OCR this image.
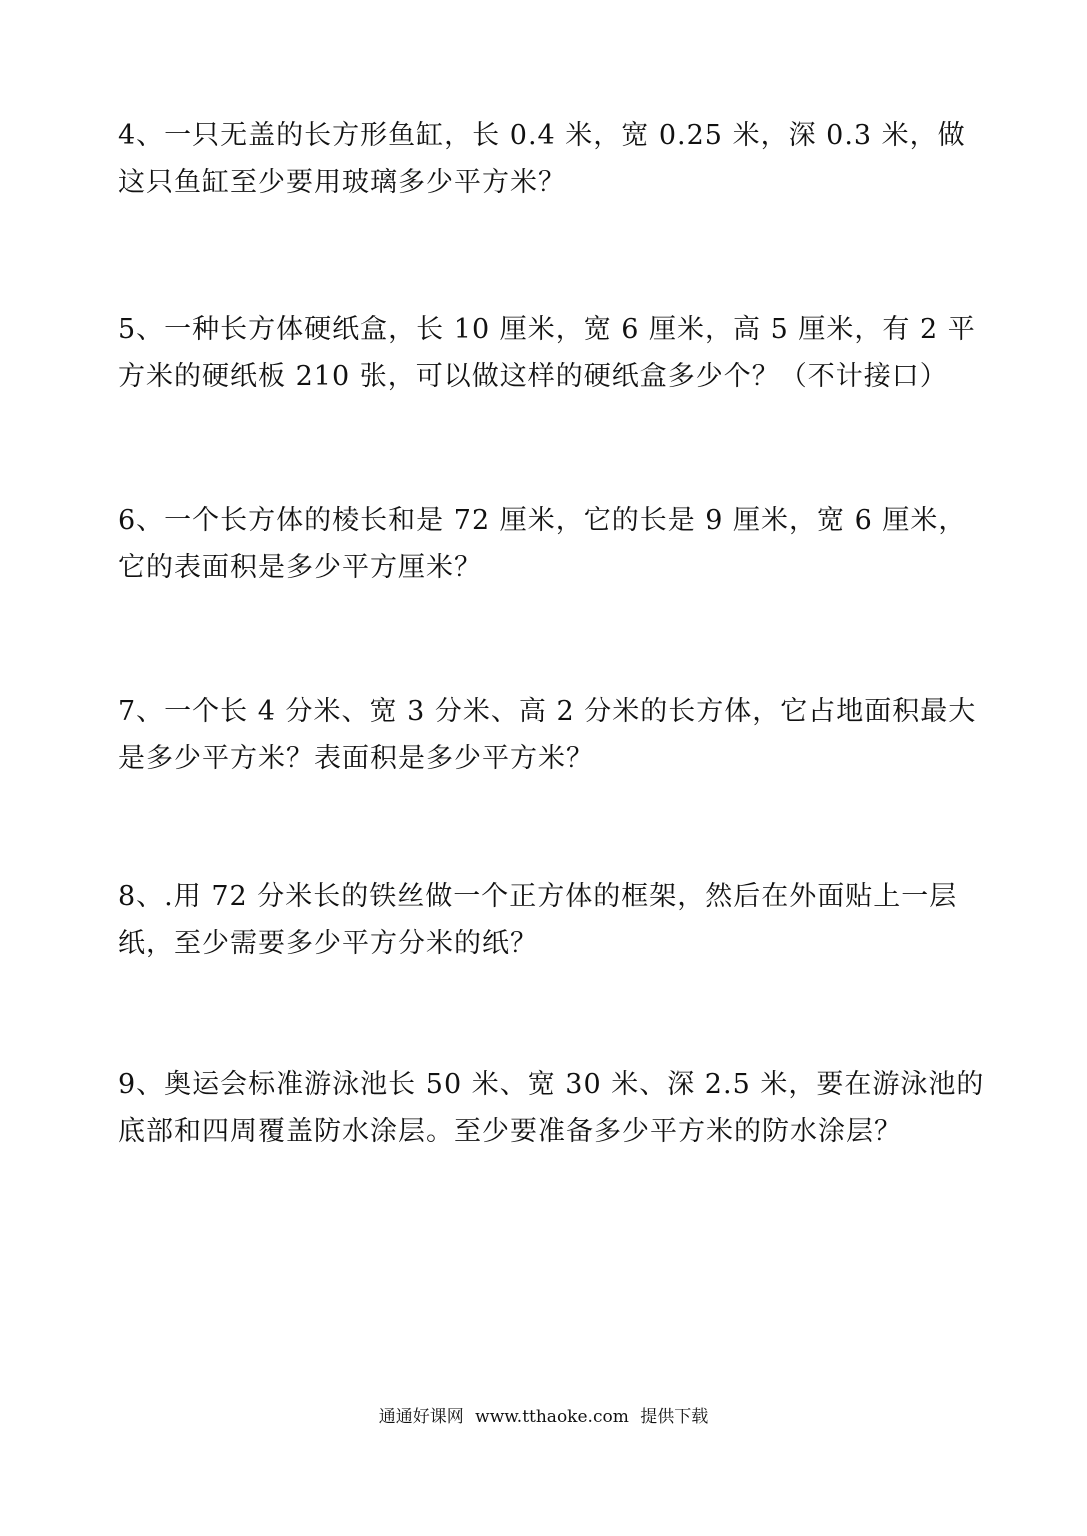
4、一只无盖的长方形鱼缸，长 0.4 米，宽 0.25 米，深 0.3 米，做
这只鱼缸至少要用玻璃多少平方米？
5、一种长方体硬纸盒，长 10 厘米，宽 6 厘米，高 5 厘米，有 2 平
方米的硬纸板 210 张，可以做这样的硬纸盒多少个？（不计接口）
6、一个长方体的棱长和是 72 厘米，它的长是 9 厘米，宽 6 厘米，
它的表面积是多少平方厘米？
7、一个长 4 分米、宽 3 分米、高 2 分米的长方体，它占地面积最大
是多少平方米？表面积是多少平方米？
8、.用 72 分米长的铁丝做一个正方体的框架，然后在外面贴上一层
纸，至少需要多少平方分米的纸？
9、奥运会标准游泳池长 50 米、宽 30 米、深 2.5 米，要在游泳池的
底部和四周覆盖防水涂层。至少要准备多少平方米的防水涂层？
通通好课网 www.tthaoke.com 提供下载
